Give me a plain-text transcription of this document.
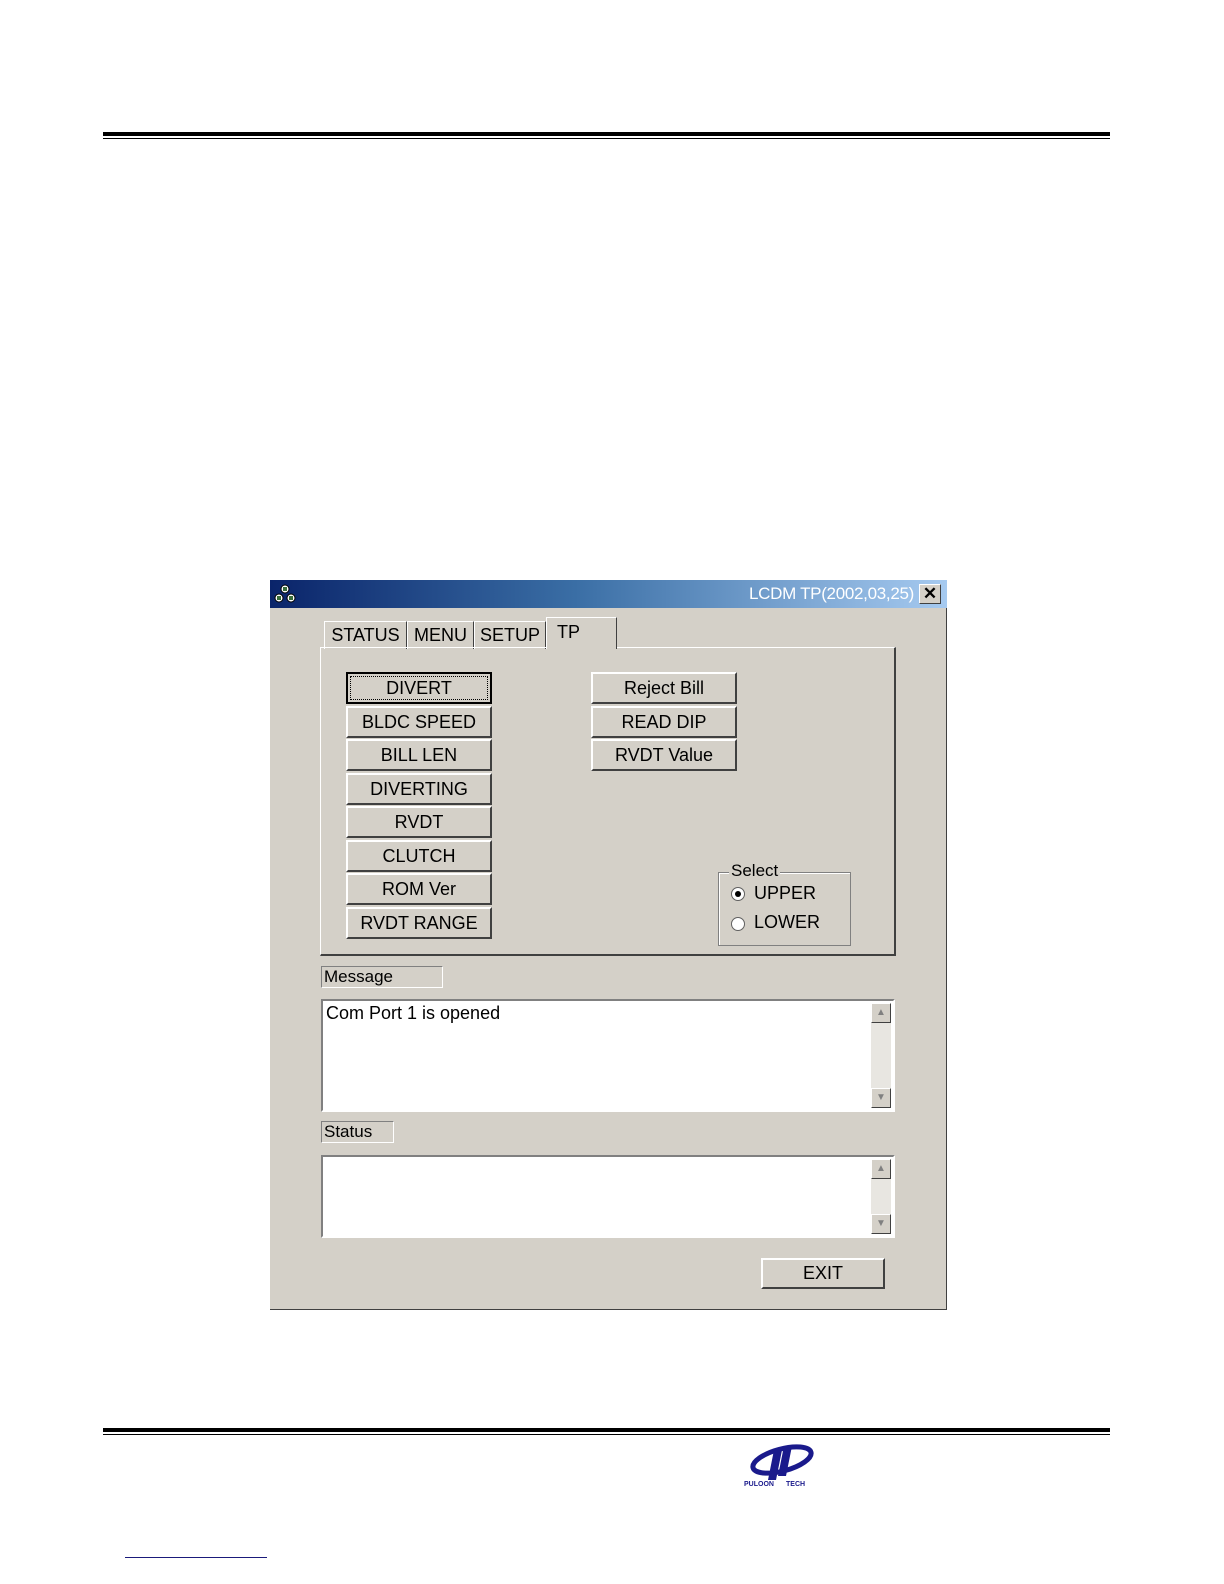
PULOON TECH
LCDM TP(2002,03,25) ✕
STATUS MENU SETUP TP
DIVERT
BLDC SPEED
BILL LEN
DIVERTING
RVDT
CLUTCH
ROM Ver
RVDT RANGE
Reject Bill
READ DIP
RVDT Value
Select
UPPER
LOWER
Message
Com Port 1 is opened	▲
▼
Status
▲
▼
EXIT
